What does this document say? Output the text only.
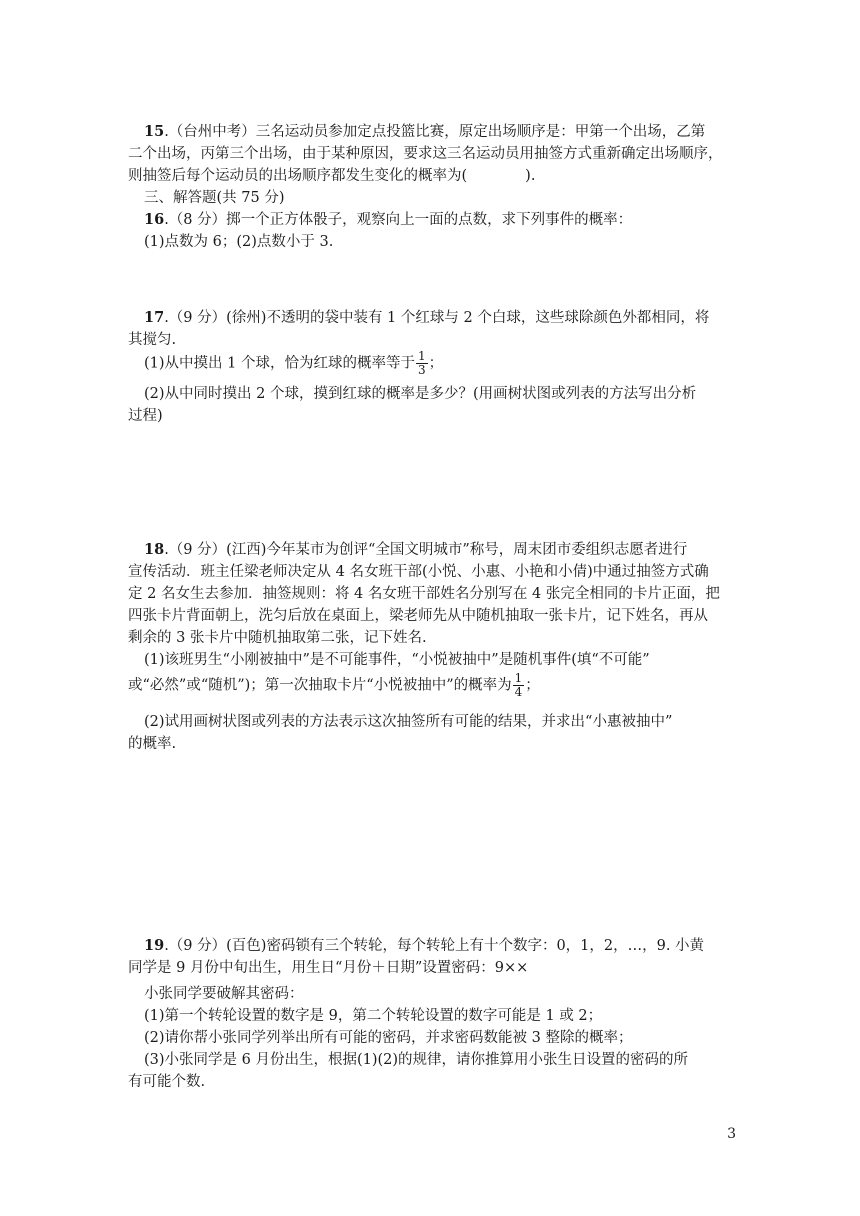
15.（台州中考）三名运动员参加定点投篮比赛，原定出场顺序是：甲第一个出场，乙第
二个出场，丙第三个出场，由于某种原因，要求这三名运动员用抽签方式重新确定出场顺序，
则抽签后每个运动员的出场顺序都发生变化的概率为(	).
三、解答题(共 75 分)
16.（8 分）掷一个正方体骰子，观察向上一面的点数，求下列事件的概率：
(1)点数为 6；(2)点数小于 3.
17.（9 分）(徐州)不透明的袋中装有 1 个红球与 2 个白球，这些球除颜色外都相同，将
其搅匀.
(1)从中摸出 1 个球，恰为红球的概率等于 $\frac{1}{3}$ ；
(2)从中同时摸出 2 个球，摸到红球的概率是多少？(用画树状图或列表的方法写出分析
过程)
18.（9 分）(江西)今年某市为创评“全国文明城市”称号，周末团市委组织志愿者进行
宣传活动．班主任梁老师决定从 4 名女班干部(小悦、小惠、小艳和小倩)中通过抽签方式确
定 2 名女生去参加．抽签规则：将 4 名女班干部姓名分别写在 4 张完全相同的卡片正面，把
四张卡片背面朝上，洗匀后放在桌面上，梁老师先从中随机抽取一张卡片，记下姓名，再从
剩余的 3 张卡片中随机抽取第二张，记下姓名.
(1)该班男生“小刚被抽中”是不可能事件，“小悦被抽中”是随机事件(填“不可能”
或“必然”或“随机”)；第一次抽取卡片“小悦被抽中”的概率为 $\frac{1}{4}$ ；
(2)试用画树状图或列表的方法表示这次抽签所有可能的结果，并求出“小惠被抽中”
的概率.
19.（9 分）(百色)密码锁有三个转轮，每个转轮上有十个数字：0，1，2，…，9. 小黄
同学是 9 月份中旬出生，用生日“月份＋日期”设置密码：9××
小张同学要破解其密码：
(1)第一个转轮设置的数字是 9，第二个转轮设置的数字可能是 1 或 2；
(2)请你帮小张同学列举出所有可能的密码，并求密码数能被 3 整除的概率；
(3)小张同学是 6 月份出生，根据(1)(2)的规律，请你推算用小张生日设置的密码的所
有可能个数.
3
